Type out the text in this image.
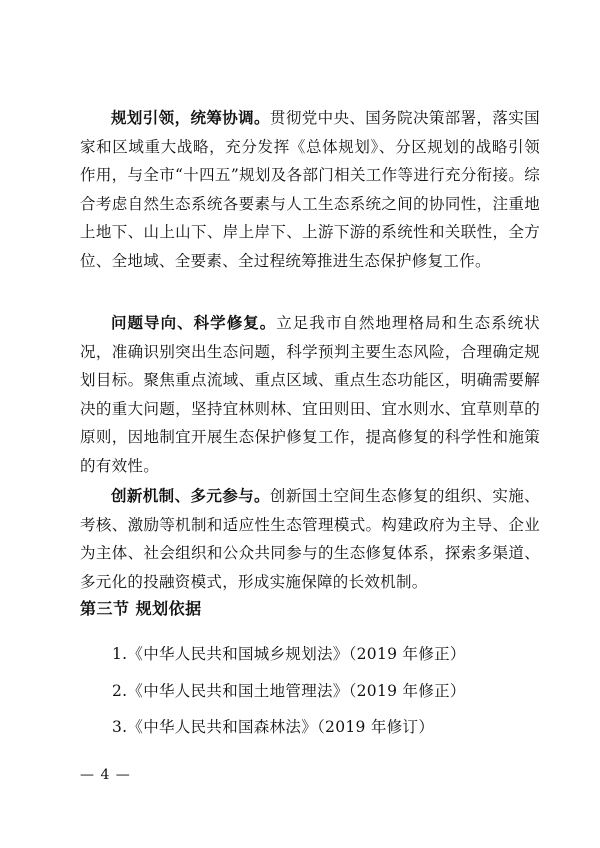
规划引领，统筹协调。贯彻党中央、国务院决策部署，落实国家和区域重大战略，充分发挥《总体规划》、分区规划的战略引领作用，与全市“十四五”规划及各部门相关工作等进行充分衔接。综合考虑自然生态系统各要素与人工生态系统之间的协同性，注重地上地下、山上山下、岸上岸下、上游下游的系统性和关联性，全方位、全地域、全要素、全过程统筹推进生态保护修复工作。

问题导向、科学修复。立足我市自然地理格局和生态系统状况，准确识别突出生态问题，科学预判主要生态风险，合理确定规划目标。聚焦重点流域、重点区域、重点生态功能区，明确需要解决的重大问题，坚持宜林则林、宜田则田、宜水则水、宜草则草的原则，因地制宜开展生态保护修复工作，提高修复的科学性和施策的有效性。

创新机制、多元参与。创新国土空间生态修复的组织、实施、考核、激励等机制和适应性生态管理模式。构建政府为主导、企业为主体、社会组织和公众共同参与的生态修复体系，探索多渠道、多元化的投融资模式，形成实施保障的长效机制。

第三节 规划依据
1.《中华人民共和国城乡规划法》（2019 年修正）
2.《中华人民共和国土地管理法》（2019 年修正）
3.《中华人民共和国森林法》（2019 年修订）
— 4 —
